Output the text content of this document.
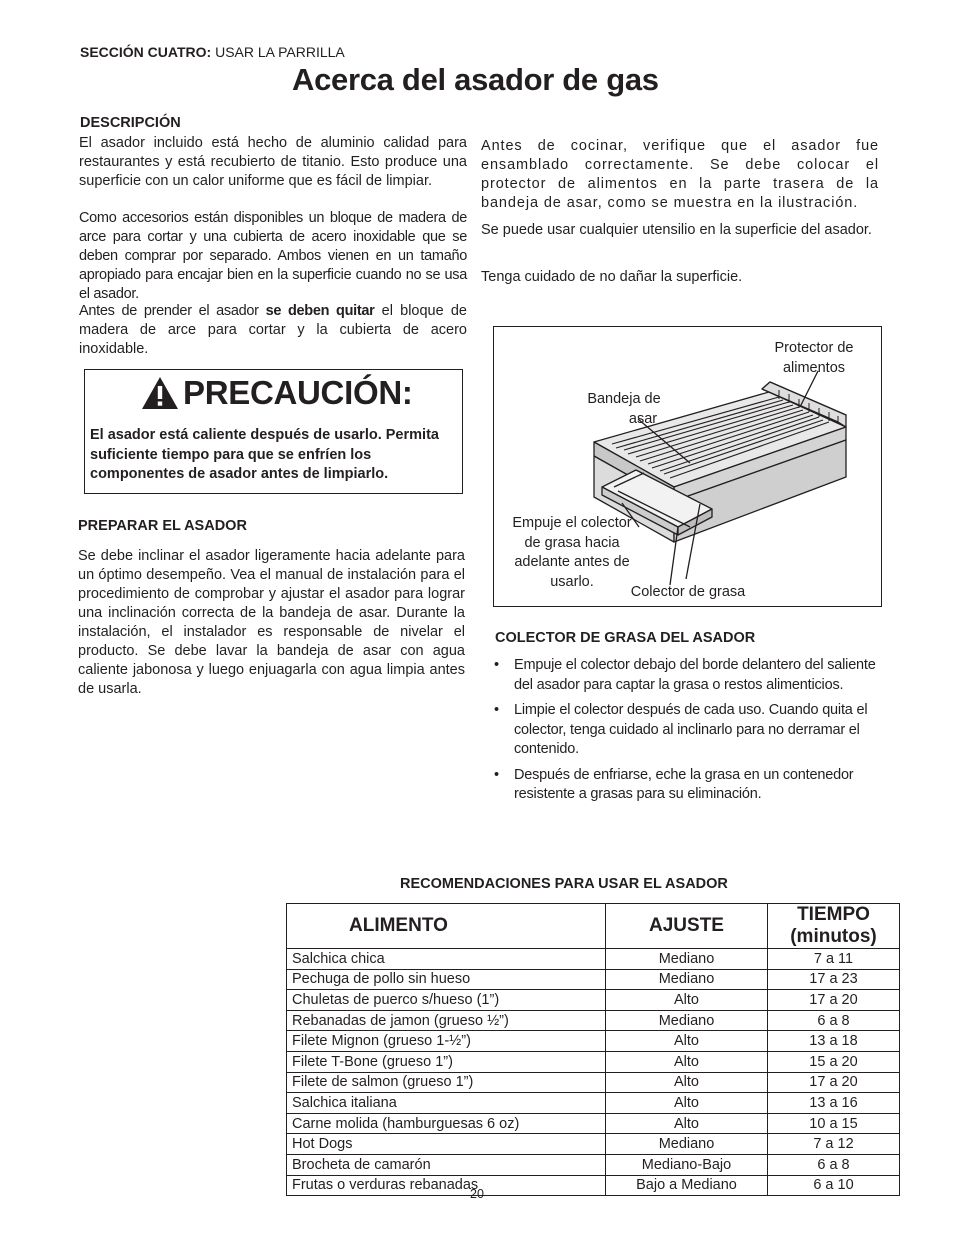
SECCIÓN CUATRO: USAR LA PARRILLA
Acerca del asador de gas
DESCRIPCIÓN
El asador incluido está hecho de aluminio calidad para restaurantes y está recubierto de titanio. Esto produce una superficie con un calor uniforme que es fácil de limpiar.
Como accesorios están disponibles un bloque de madera de arce para cortar y una cubierta de acero inoxidable que se deben comprar por separado. Ambos vienen en un tamaño apropiado para encajar bien en la superficie cuando no se usa el asador.
Antes de prender el asador se deben quitar el bloque de madera de arce para cortar y la cubierta de acero inoxidable.
PRECAUCIÓN:
El asador está caliente después de usarlo. Permita suficiente tiempo para que se enfríen los componentes de asador antes de limpiarlo.
PREPARAR EL ASADOR
Se debe inclinar el asador ligeramente hacia adelante para un óptimo desempeño. Vea el manual de instalación para el procedimiento de comprobar y ajustar el asador para lograr una inclinación correcta de la bandeja de asar. Durante la instalación, el instalador es responsable de nivelar el producto. Se debe lavar la bandeja de asar con agua caliente jabonosa y luego enjuagarla con agua limpia antes de usarla.
Antes de cocinar, verifique que el asador fue ensamblado correctamente. Se debe colocar el protector de alimentos en la parte trasera de la bandeja de asar, como se muestra en la ilustración.
Se puede usar cualquier utensilio en la superficie del asador.
Tenga cuidado de no dañar la superficie.
Protector de
alimentos
Bandeja de
asar
Empuje el colector
de grasa hacia
adelante antes de
usarlo.
Colector de grasa
COLECTOR DE GRASA DEL ASADOR
• Empuje el colector debajo del borde delantero del saliente del asador para captar la grasa o restos alimenticios.
• Limpie el colector después de cada uso. Cuando quita el colector, tenga cuidado al inclinarlo para no derramar el contenido.
• Después de enfriarse, eche la grasa en un contenedor resistente a grasas para su eliminación.
RECOMENDACIONES PARA USAR EL ASADOR
ALIMENTO	AJUSTE	TIEMPO (minutos)
Salchica chica	Mediano	7 a 11
Pechuga de pollo sin hueso	Mediano	17 a 23
Chuletas de puerco s/hueso (1”)	Alto	17 a 20
Rebanadas de jamon (grueso ½”)	Mediano	6 a 8
Filete Mignon (grueso 1-½”)	Alto	13 a 18
Filete T-Bone (grueso 1”)	Alto	15 a 20
Filete de salmon (grueso 1”)	Alto	17 a 20
Salchica italiana	Alto	13 a 16
Carne molida (hamburguesas 6 oz)	Alto	10 a 15
Hot Dogs	Mediano	7 a 12
Brocheta de camarón	Mediano-Bajo	6 a 8
Frutas o verduras rebanadas	Bajo a Mediano	6 a 10
20
